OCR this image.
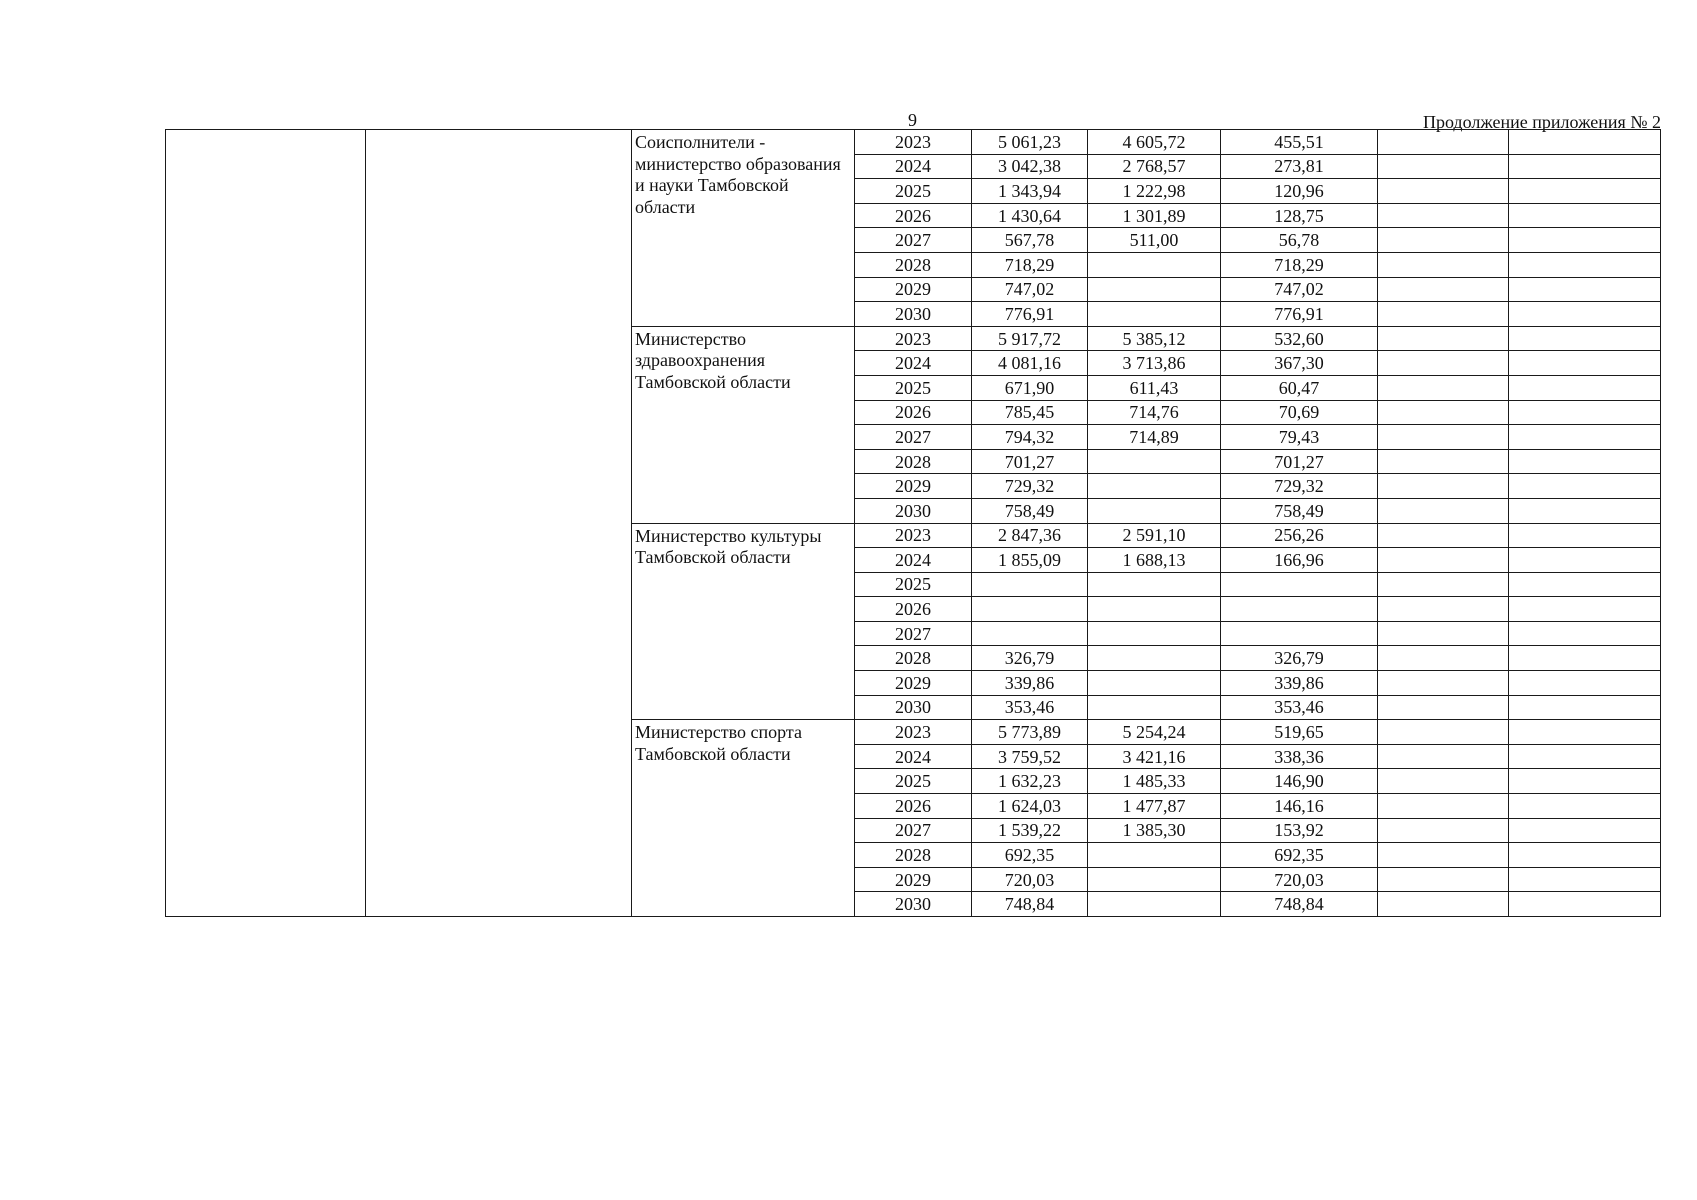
9	Продолжение приложения № 2
		Соисполнители - министерство образования и науки Тамбовской области	2023	5 061,23	4 605,72	455,51		
			2024	3 042,38	2 768,57	273,81		
			2025	1 343,94	1 222,98	120,96		
			2026	1 430,64	1 301,89	128,75		
			2027	567,78	511,00	56,78		
			2028	718,29		718,29		
			2029	747,02		747,02		
			2030	776,91		776,91		
		Министерство здравоохранения Тамбовской области	2023	5 917,72	5 385,12	532,60		
			2024	4 081,16	3 713,86	367,30		
			2025	671,90	611,43	60,47		
			2026	785,45	714,76	70,69		
			2027	794,32	714,89	79,43		
			2028	701,27		701,27		
			2029	729,32		729,32		
			2030	758,49		758,49		
		Министерство культуры Тамбовской области	2023	2 847,36	2 591,10	256,26		
			2024	1 855,09	1 688,13	166,96		
			2025					
			2026					
			2027					
			2028	326,79		326,79		
			2029	339,86		339,86		
			2030	353,46		353,46		
		Министерство спорта Тамбовской области	2023	5 773,89	5 254,24	519,65		
			2024	3 759,52	3 421,16	338,36		
			2025	1 632,23	1 485,33	146,90		
			2026	1 624,03	1 477,87	146,16		
			2027	1 539,22	1 385,30	153,92		
			2028	692,35		692,35		
			2029	720,03		720,03		
			2030	748,84		748,84		
